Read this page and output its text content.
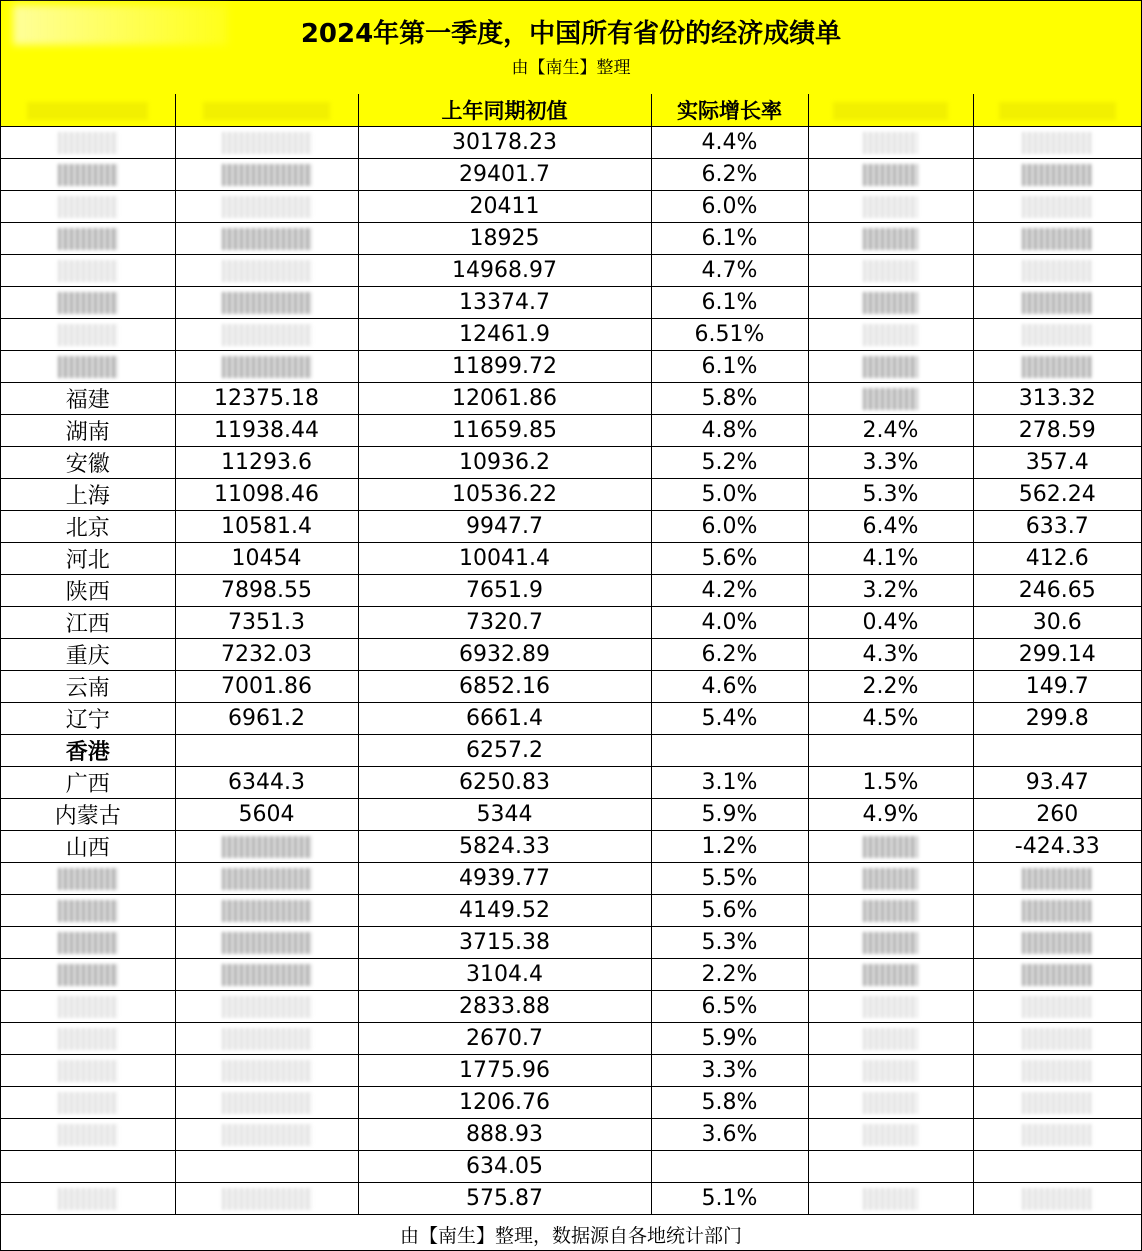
2024年第一季度，中国所有省份的经济成绩单
由【南生】整理
		上年同期初值	实际增长率		
		30178.23	4.4%		
		29401.7	6.2%		
		20411	6.0%		
		18925	6.1%		
		14968.97	4.7%		
		13374.7	6.1%		
		12461.9	6.51%		
		11899.72	6.1%		
福建	12375.18	12061.86	5.8%		313.32
湖南	11938.44	11659.85	4.8%	2.4%	278.59
安徽	11293.6	10936.2	5.2%	3.3%	357.4
上海	11098.46	10536.22	5.0%	5.3%	562.24
北京	10581.4	9947.7	6.0%	6.4%	633.7
河北	10454	10041.4	5.6%	4.1%	412.6
陕西	7898.55	7651.9	4.2%	3.2%	246.65
江西	7351.3	7320.7	4.0%	0.4%	30.6
重庆	7232.03	6932.89	6.2%	4.3%	299.14
云南	7001.86	6852.16	4.6%	2.2%	149.7
辽宁	6961.2	6661.4	5.4%	4.5%	299.8
香港		6257.2			
广西	6344.3	6250.83	3.1%	1.5%	93.47
内蒙古	5604	5344	5.9%	4.9%	260
山西		5824.33	1.2%		-424.33
		4939.77	5.5%		
		4149.52	5.6%		
		3715.38	5.3%		
		3104.4	2.2%		
		2833.88	6.5%		
		2670.7	5.9%		
		1775.96	3.3%		
		1206.76	5.8%		
		888.93	3.6%		
		634.05			
		575.87	5.1%		
由【南生】整理，数据源自各地统计部门
